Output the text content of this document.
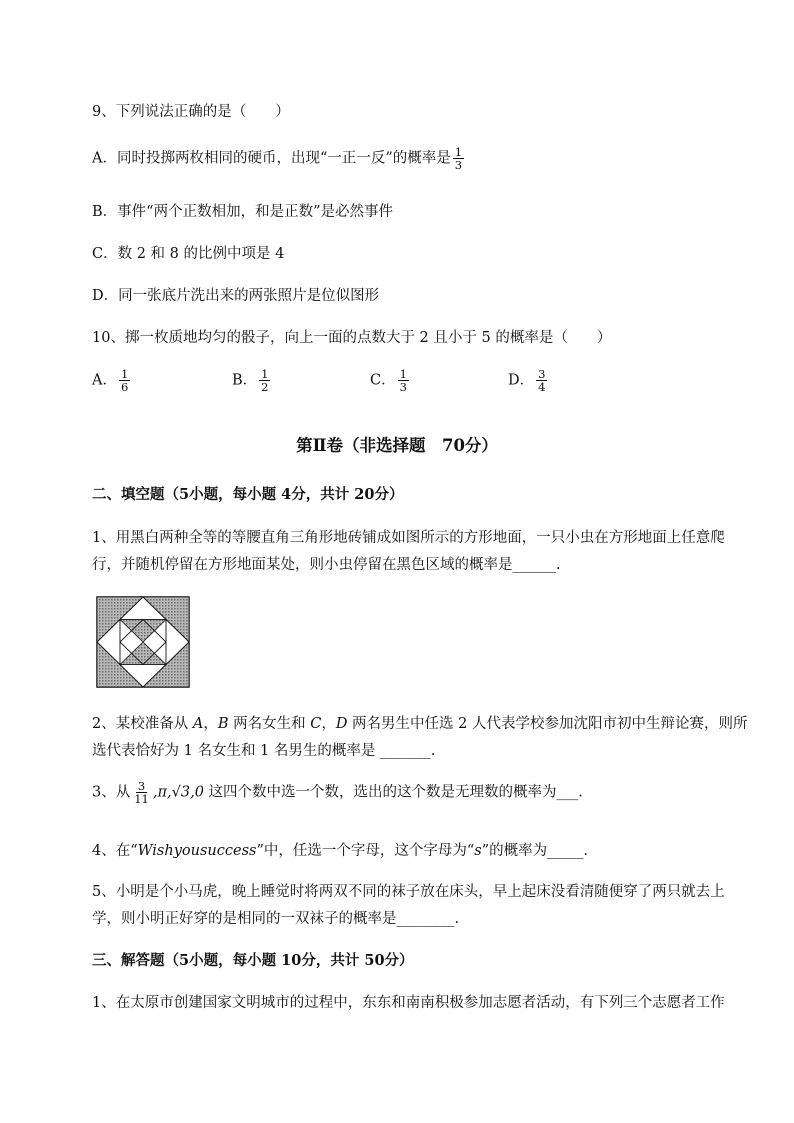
9、下列说法正确的是（　　）
A．同时投掷两枚相同的硬币，出现“一正一反”的概率是 $\frac{1}{3}$
B．事件“两个正数相加，和是正数”是必然事件
C．数 2 和 8 的比例中项是 4
D．同一张底片洗出来的两张照片是位似图形
10、掷一枚质地均匀的骰子，向上一面的点数大于 2 且小于 5 的概率是（　　）
A． $\frac{1}{6}$	B． $\frac{1}{2}$	C． $\frac{1}{3}$	D． $\frac{3}{4}$
第Ⅱ卷（非选择题　70分）
二、填空题（5小题，每小题 4分，共计 20分）
1、用黑白两种全等的等腰直角三角形地砖铺成如图所示的方形地面，一只小虫在方形地面上任意爬
行，并随机停留在方形地面某处，则小虫停留在黑色区域的概率是______.
2、某校准备从 A，B 两名女生和 C，D 两名男生中任选 2 人代表学校参加沈阳市初中生辩论赛，则所
选代表恰好为 1 名女生和 1 名男生的概率是 _______.
3、从 $\frac{3}{11} ,\pi,√3,0$ 这四个数中选一个数，选出的这个数是无理数的概率为___.
4、在“Wishyousuccess”中，任选一个字母，这个字母为“s”的概率为_____.
5、小明是个小马虎，晚上睡觉时将两双不同的袜子放在床头，早上起床没看清随便穿了两只就去上
学，则小明正好穿的是相同的一双袜子的概率是________.
三、解答题（5小题，每小题 10分，共计 50分）
1、在太原市创建国家文明城市的过程中，东东和南南积极参加志愿者活动，有下列三个志愿者工作
